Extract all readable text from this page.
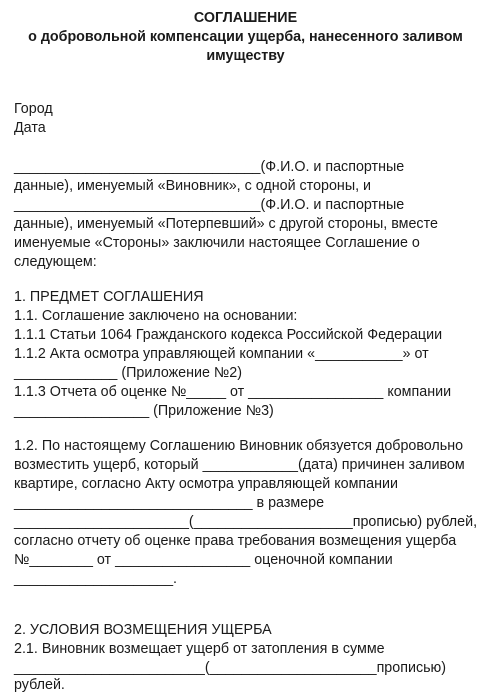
СОГЛАШЕНИЕ
о добровольной компенсации ущерба, нанесенного заливом
имуществу
Город
Дата
_______________________________(Ф.И.О. и паспортные
данные), именуемый «Виновник», с одной стороны, и
_______________________________(Ф.И.О. и паспортные
данные), именуемый «Потерпевший» с другой стороны, вместе
именуемые «Стороны» заключили настоящее Соглашение о
следующем:
1. ПРЕДМЕТ СОГЛАШЕНИЯ
1.1. Соглашение заключено на основании:
1.1.1 Статьи 1064 Гражданского кодекса Российской Федерации
1.1.2 Акта осмотра управляющей компании «___________» от
_____________ (Приложение №2)
1.1.3 Отчета об оценке №_____ от _________________ компании
_________________ (Приложение №3)
1.2. По настоящему Соглашению Виновник обязуется добровольно
возместить ущерб, который ____________(дата) причинен заливом
квартире, согласно Акту осмотра управляющей компании
______________________________ в размере
______________________(____________________прописью) рублей,
согласно отчету об оценке права требования возмещения ущерба
№________ от _________________ оценочной компании
____________________.
2. УСЛОВИЯ ВОЗМЕЩЕНИЯ УЩЕРБА
2.1. Виновник возмещает ущерб от затопления в сумме
________________________(_____________________прописью)
рублей.
